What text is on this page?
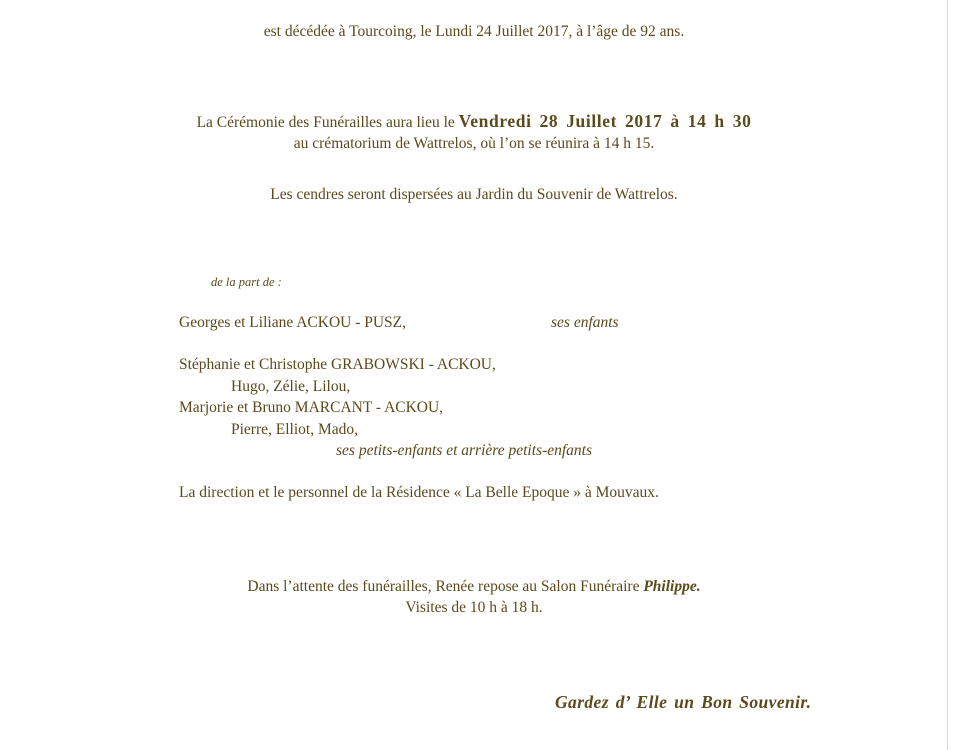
est décédée à Tourcoing, le Lundi 24 Juillet 2017, à l’âge de 92 ans.
La Cérémonie des Funérailles aura lieu le Vendredi 28 Juillet 2017 à 14 h 30
au crématorium de Wattrelos, où l’on se réunira à 14 h 15.
Les cendres seront dispersées au Jardin du Souvenir de Wattrelos.
de la part de :
Georges et Liliane ACKOU - PUSZ,	ses enfants
Stéphanie et Christophe GRABOWSKI - ACKOU,
Hugo, Zélie, Lilou,
Marjorie et Bruno MARCANT - ACKOU,
Pierre, Elliot, Mado,
ses petits-enfants et arrière petits-enfants
La direction et le personnel de la Résidence « La Belle Epoque » à Mouvaux.
Dans l’attente des funérailles, Renée repose au Salon Funéraire Philippe.
Visites de 10 h à 18 h.
Gardez d’ Elle un Bon Souvenir.
